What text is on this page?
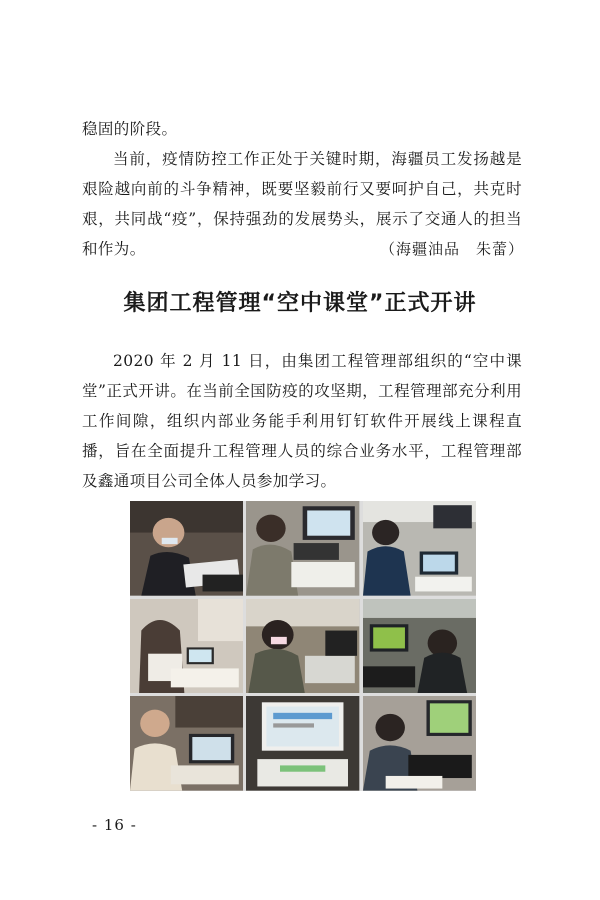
稳固的阶段。

当前，疫情防控工作正处于关键时期，海疆员工发扬越是艰险越向前的斗争精神，既要坚毅前行又要呵护自己，共克时艰，共同战“疫”，保持强劲的发展势头，展示了交通人的担当和作为。	（海疆油品　朱蕾）
集团工程管理“空中课堂”正式开讲

2020 年 2 月 11 日，由集团工程管理部组织的“空中课堂”正式开讲。在当前全国防疫的攻坚期，工程管理部充分利用工作间隙，组织内部业务能手利用钉钉软件开展线上课程直播，旨在全面提升工程管理人员的综合业务水平，工程管理部及鑫通项目公司全体人员参加学习。

- 16 -
